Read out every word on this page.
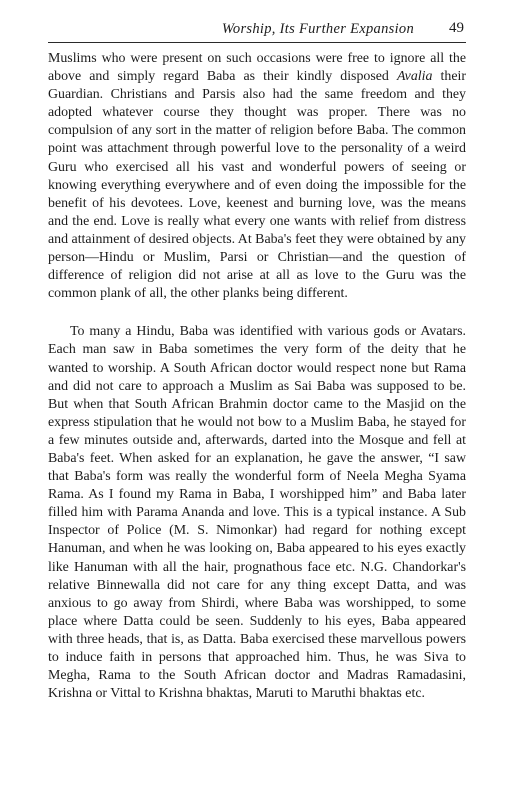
Worship, Its Further Expansion 49

Muslims who were present on such occasions were free to ignore all the above and simply regard Baba as their kindly disposed Avalia their Guardian. Christians and Parsis also had the same freedom and they adopted whatever course they thought was proper. There was no compulsion of any sort in the matter of religion before Baba. The common point was attachment through powerful love to the personality of a weird Guru who exercised all his vast and wonderful powers of seeing or knowing everything everywhere and of even doing the impossible for the benefit of his devotees. Love, keenest and burning love, was the means and the end. Love is really what every one wants with relief from distress and attainment of desired objects. At Baba's feet they were obtained by any person—Hindu or Muslim, Parsi or Christian—and the question of difference of religion did not arise at all as love to the Guru was the common plank of all, the other planks being different.

To many a Hindu, Baba was identified with various gods or Avatars. Each man saw in Baba sometimes the very form of the deity that he wanted to worship. A South African doctor would respect none but Rama and did not care to approach a Muslim as Sai Baba was supposed to be. But when that South African Brahmin doctor came to the Masjid on the express stipulation that he would not bow to a Muslim Baba, he stayed for a few minutes outside and, afterwards, darted into the Mosque and fell at Baba's feet. When asked for an explanation, he gave the answer, “I saw that Baba's form was really the wonderful form of Neela Megha Syama Rama. As I found my Rama in Baba, I worshipped him” and Baba later filled him with Parama Ananda and love. This is a typical instance. A Sub Inspector of Police (M. S. Nimonkar) had regard for nothing except Hanuman, and when he was looking on, Baba appeared to his eyes exactly like Hanuman with all the hair, prognathous face etc. N.G. Chandorkar's relative Binnewalla did not care for any thing except Datta, and was anxious to go away from Shirdi, where Baba was worshipped, to some place where Datta could be seen. Suddenly to his eyes, Baba appeared with three heads, that is, as Datta. Baba exercised these marvellous powers to induce faith in persons that approached him. Thus, he was Siva to Megha, Rama to the South African doctor and Madras Ramadasini, Krishna or Vittal to Krishna bhaktas, Maruti to Maruthi bhaktas etc.
